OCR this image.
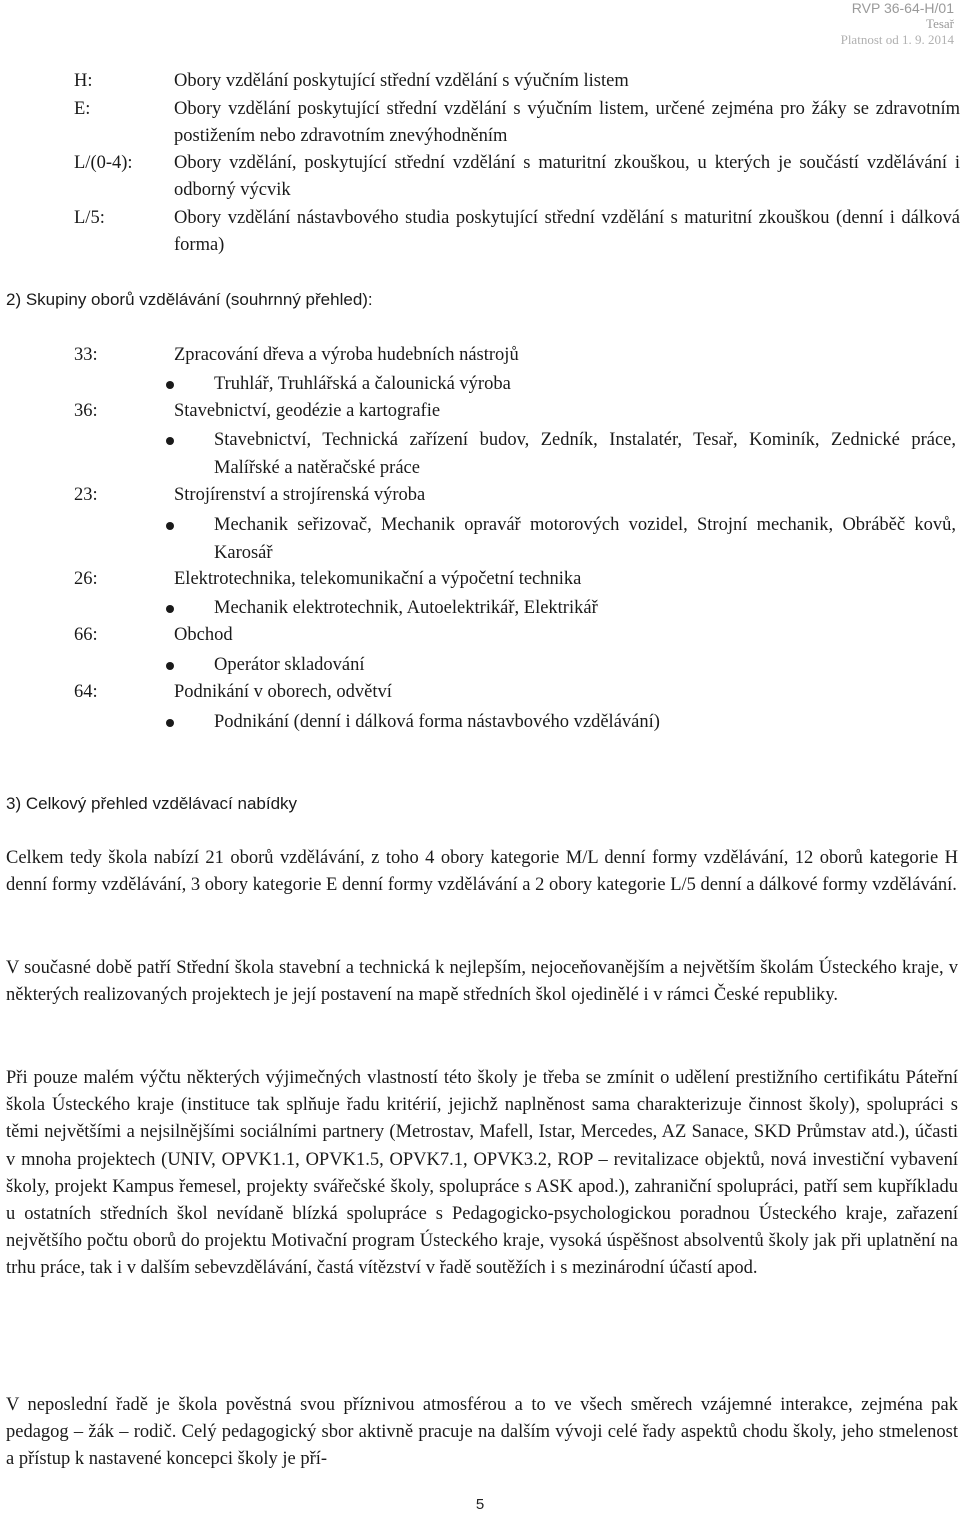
RVP 36-64-H/01
Tesař
Platnost od 1. 9. 2014
H:	Obory vzdělání poskytující střední vzdělání s výučním listem
E:	Obory vzdělání poskytující střední vzdělání s výučním listem, určené zejména pro žáky se zdravotním postižením nebo zdravotním znevýhodněním
L/(0-4): Obory vzdělání, poskytující střední vzdělání s maturitní zkouškou, u kterých je součástí vzdělávání i odborný výcvik
L/5:	Obory vzdělání nástavbového studia poskytující střední vzdělání s maturitní zkouškou (denní i dálková forma)
2) Skupiny oborů vzdělávání (souhrnný přehled):
33:	Zpracování dřeva a výroba hudebních nástrojů
Truhlář, Truhlářská a čalounická výroba
36:	Stavebnictví, geodézie a kartografie
Stavebnictví, Technická zařízení budov, Zedník, Instalatér, Tesař, Kominík, Zednické práce, Malířské a natěračské práce
23:	Strojírenství a strojírenská výroba
Mechanik seřizovač, Mechanik opravář motorových vozidel, Strojní mechanik, Obráběč kovů, Karosář
26:	Elektrotechnika, telekomunikační a výpočetní technika
Mechanik elektrotechnik, Autoelektrikář, Elektrikář
66:	Obchod
Operátor skladování
64:	Podnikání v oborech, odvětví
Podnikání (denní i dálková forma nástavbového vzdělávání)
3) Celkový přehled vzdělávací nabídky

Celkem tedy škola nabízí 21 oborů vzdělávání, z toho 4 obory kategorie M/L denní formy vzdělávání, 12 oborů kategorie H denní formy vzdělávání, 3 obory kategorie E denní formy vzdělávání a 2 obory kategorie L/5 denní a dálkové formy vzdělávání.

V současné době patří Střední škola stavební a technická k nejlepším, nejoceňovanějším a největším školám Ústeckého kraje, v některých realizovaných projektech je její postavení na mapě středních škol ojedinělé i v rámci České republiky.

Při pouze malém výčtu některých výjimečných vlastností této školy je třeba se zmínit o udělení prestižního certifikátu Páteřní škola Ústeckého kraje (instituce tak splňuje řadu kritérií, jejichž naplněnost sama charakterizuje činnost školy), spolupráci s těmi největšími a nejsilnějšími sociálními partnery (Metrostav, Mafell, Istar, Mercedes, AZ Sanace, SKD Průmstav atd.), účasti v mnoha projektech (UNIV, OPVK1.1, OPVK1.5, OPVK7.1, OPVK3.2, ROP – revitalizace objektů, nová investiční vybavení školy, projekt Kampus řemesel, projekty svářečské školy, spolupráce s ASK apod.), zahraniční spolupráci, patří sem kupříkladu u ostatních středních škol nevídaně blízká spolupráce s Pedagogicko-psychologickou poradnou Ústeckého kraje, zařazení největšího počtu oborů do projektu Motivační program Ústeckého kraje, vysoká úspěšnost absolventů školy jak při uplatnění na trhu práce, tak i v dalším sebevzdělávání, častá vítězství v řadě soutěžích i s mezinárodní účastí apod.

V neposlední řadě je škola pověstná svou příznivou atmosférou a to ve všech směrech vzájemné interakce, zejména pak pedagog – žák – rodič. Celý pedagogický sbor aktivně pracuje na dalším vývoji celé řady aspektů chodu školy, jeho stmelenost a přístup k nastavené koncepci školy je pří-

5
